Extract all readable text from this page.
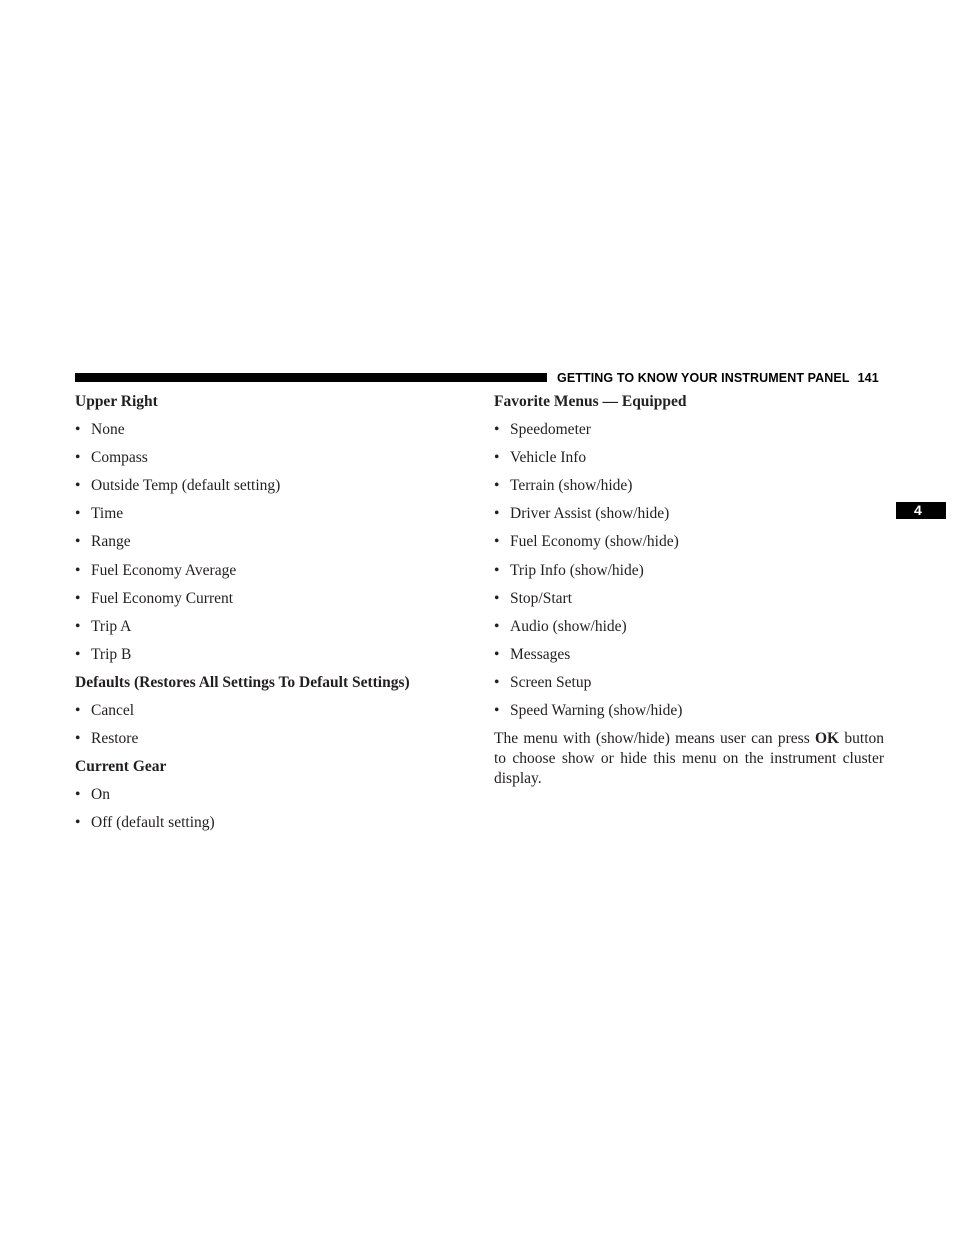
GETTING TO KNOW YOUR INSTRUMENT PANEL 141
4
Upper Right
• None
• Compass
• Outside Temp (default setting)
• Time
• Range
• Fuel Economy Average
• Fuel Economy Current
• Trip A
• Trip B
Defaults (Restores All Settings To Default Settings)
• Cancel
• Restore
Current Gear
• On
• Off (default setting)
Favorite Menus — Equipped
• Speedometer
• Vehicle Info
• Terrain (show/hide)
• Driver Assist (show/hide)
• Fuel Economy (show/hide)
• Trip Info (show/hide)
• Stop/Start
• Audio (show/hide)
• Messages
• Screen Setup
• Speed Warning (show/hide)
The menu with (show/hide) means user can press OK button to choose show or hide this menu on the instrument cluster display.
